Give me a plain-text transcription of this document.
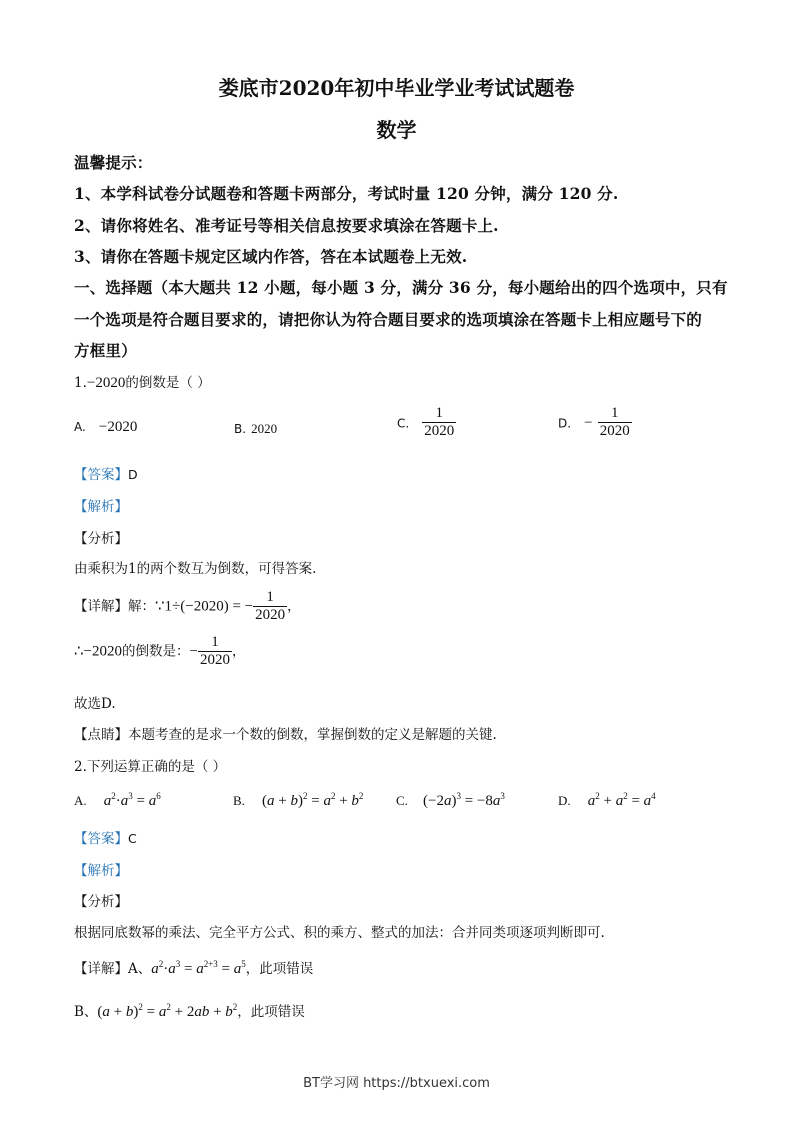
娄底市2020年初中毕业学业考试试题卷
数学
温馨提示：
1、本学科试卷分试题卷和答题卡两部分，考试时量 120 分钟，满分 120 分.
2、请你将姓名、准考证号等相关信息按要求填涂在答题卡上.
3、请你在答题卡规定区域内作答，答在本试题卷上无效.
一、选择题（本大题共 12 小题，每小题 3 分，满分 36 分，每小题给出的四个选项中，只有
一个选项是符合题目要求的，请把你认为符合题目要求的选项填涂在答题卡上相应题号下的
方框里）
1.−2020的倒数是（ ）
A. −2020	B. 2020	C. $\frac{1}{2020}$	D. − $\frac{1}{2020}$
【答案】D
【解析】
【分析】
由乘积为1的两个数互为倒数，可得答案.
【详解】解：∵1÷(−2020) = − $\frac{1}{2020}$ ，
∴−2020的倒数是：− $\frac{1}{2020}$ ，
故选D.
【点睛】本题考查的是求一个数的倒数，掌握倒数的定义是解题的关键.
2.下列运算正确的是（ ）
A. $a^2\cdot a^3 = a^6$	B. $(a + b)^2 = a^2 + b^2$	C. $(-2a)^3 = -8a^3$	D. $a^2 + a^2 = a^4$
【答案】C
【解析】
【分析】
根据同底数幂的乘法、完全平方公式、积的乘方、整式的加法：合并同类项逐项判断即可.
【详解】A、$a^2\cdot a^3 = a^{2+3} = a^5$，此项错误
B、$(a + b)^2 = a^2 + 2ab + b^2$，此项错误
BT学习网 https://btxuexi.com
